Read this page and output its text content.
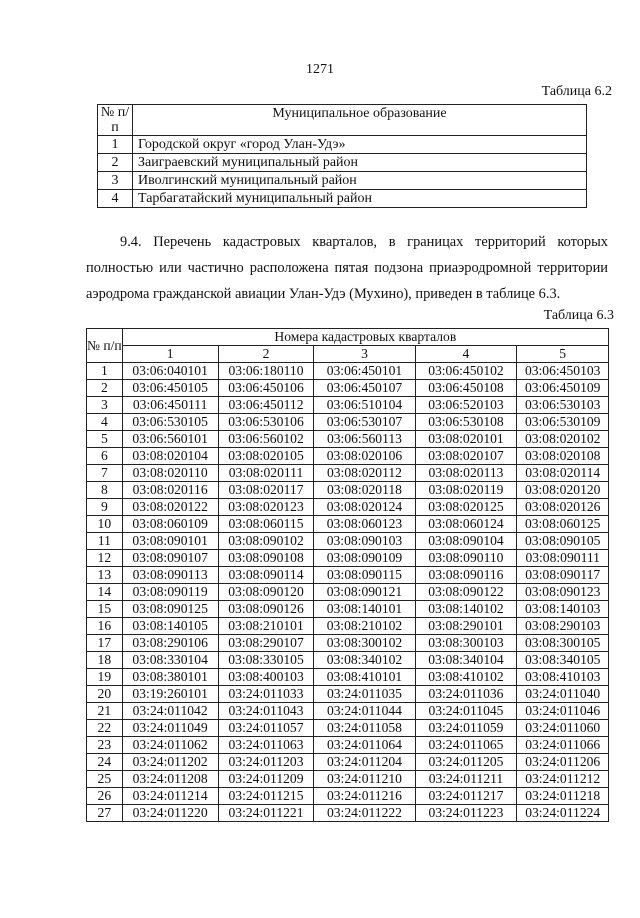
1271
Таблица 6.2
№ п/п	Муниципальное образование
1	Городской округ «город Улан-Удэ»
2	Заиграевский муниципальный район
3	Иволгинский муниципальный район
4	Тарбагатайский муниципальный район
9.4. Перечень кадастровых кварталов, в границах территорий которых
полностью или частично расположена пятая подзона приаэродромной территории
аэродрома гражданской авиации Улан-Удэ (Мухино), приведен в таблице 6.3.
Таблица 6.3
№ п/п	Номера кадастровых кварталов				
	1	2	3	4	5
1	03:06:040101	03:06:180110	03:06:450101	03:06:450102	03:06:450103
2	03:06:450105	03:06:450106	03:06:450107	03:06:450108	03:06:450109
3	03:06:450111	03:06:450112	03:06:510104	03:06:520103	03:06:530103
4	03:06:530105	03:06:530106	03:06:530107	03:06:530108	03:06:530109
5	03:06:560101	03:06:560102	03:06:560113	03:08:020101	03:08:020102
6	03:08:020104	03:08:020105	03:08:020106	03:08:020107	03:08:020108
7	03:08:020110	03:08:020111	03:08:020112	03:08:020113	03:08:020114
8	03:08:020116	03:08:020117	03:08:020118	03:08:020119	03:08:020120
9	03:08:020122	03:08:020123	03:08:020124	03:08:020125	03:08:020126
10	03:08:060109	03:08:060115	03:08:060123	03:08:060124	03:08:060125
11	03:08:090101	03:08:090102	03:08:090103	03:08:090104	03:08:090105
12	03:08:090107	03:08:090108	03:08:090109	03:08:090110	03:08:090111
13	03:08:090113	03:08:090114	03:08:090115	03:08:090116	03:08:090117
14	03:08:090119	03:08:090120	03:08:090121	03:08:090122	03:08:090123
15	03:08:090125	03:08:090126	03:08:140101	03:08:140102	03:08:140103
16	03:08:140105	03:08:210101	03:08:210102	03:08:290101	03:08:290103
17	03:08:290106	03:08:290107	03:08:300102	03:08:300103	03:08:300105
18	03:08:330104	03:08:330105	03:08:340102	03:08:340104	03:08:340105
19	03:08:380101	03:08:400103	03:08:410101	03:08:410102	03:08:410103
20	03:19:260101	03:24:011033	03:24:011035	03:24:011036	03:24:011040
21	03:24:011042	03:24:011043	03:24:011044	03:24:011045	03:24:011046
22	03:24:011049	03:24:011057	03:24:011058	03:24:011059	03:24:011060
23	03:24:011062	03:24:011063	03:24:011064	03:24:011065	03:24:011066
24	03:24:011202	03:24:011203	03:24:011204	03:24:011205	03:24:011206
25	03:24:011208	03:24:011209	03:24:011210	03:24:011211	03:24:011212
26	03:24:011214	03:24:011215	03:24:011216	03:24:011217	03:24:011218
27	03:24:011220	03:24:011221	03:24:011222	03:24:011223	03:24:011224
